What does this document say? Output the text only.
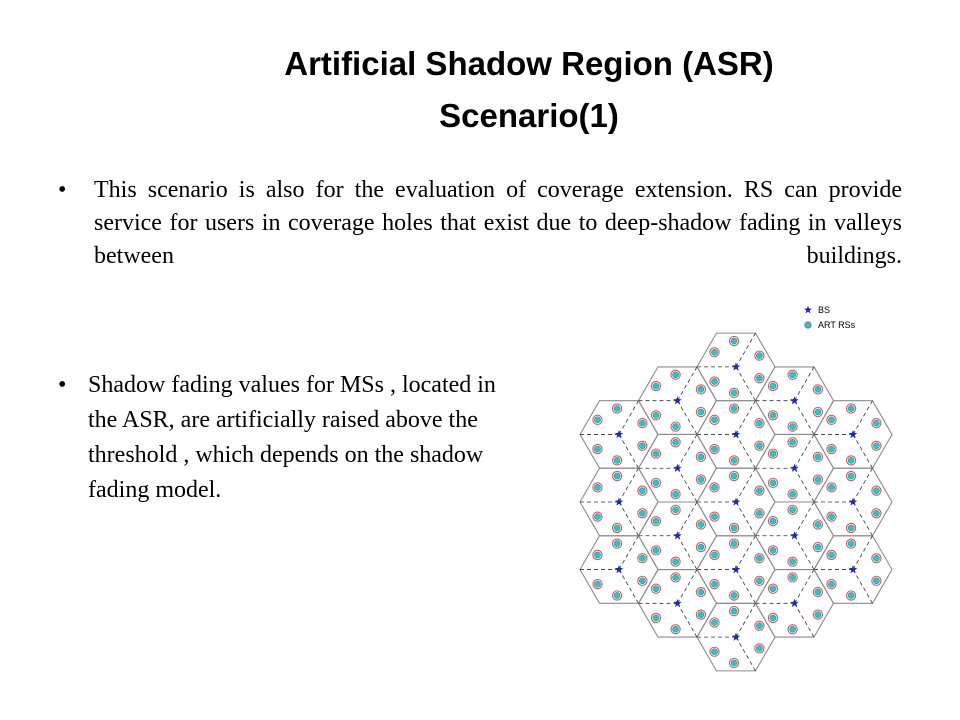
Artificial Shadow Region (ASR)
Scenario(1)
• This scenario is also for the evaluation of coverage extension. RS can provide service for users in coverage holes that exist due to deep-shadow fading in valleys between buildings.
• Shadow fading values for MSs , located in the ASR, are artificially raised above the threshold , which depends on the shadow fading model.
BS
ART RSs
